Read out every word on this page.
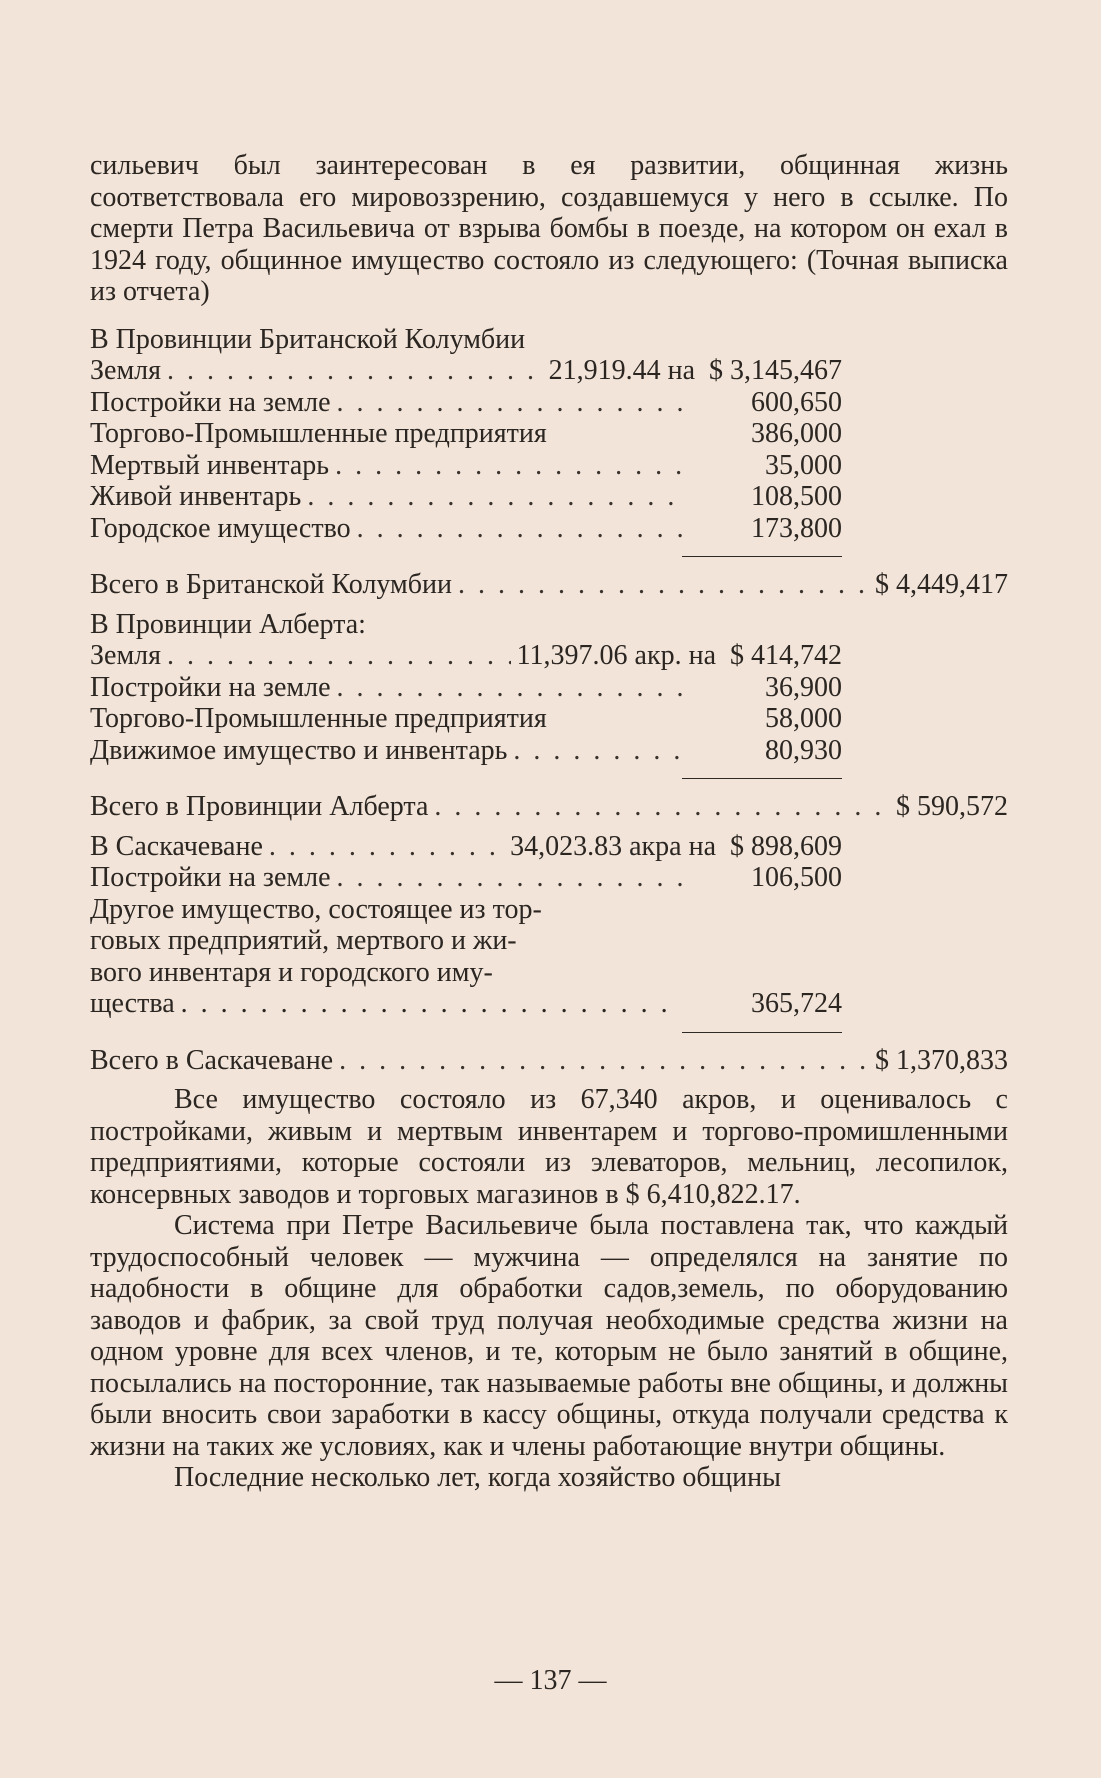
сильевич был заинтересован в ея развитии, общинная жизнь соответствовала его мировоззрению, создавшемуся у него в ссылке. По смерти Петра Васильевича от взрыва бомбы в поезде, на котором он ехал в 1924 году, общинное имущество состояло из следующего: (Точная выписка из отчета)

В Провинции Британской Колумбии

Земля . . .	21,919.44 на $ 3,145,467
Постройки на земле . . .	600,650
Торгово-Промышленные предприятия	386,000
Мертвый инвентарь . . .	35,000
Живой инвентарь . . .	108,500
Городское имущество . . .	173,800
Всего в Британской Колумбии . . .	$ 4,449,417

В Провинции Алберта:

Земля . . .	11,397.06 акр. на $ 414,742
Постройки на земле . . .	36,900
Торгово-Промышленные предприятия	58,000
Движимое имущество и инвентарь . . .	80,930
Всего в Провинции Алберта . . .	$ 590,572
В Саскачеване . . .	34,023.83 акра на $ 898,609
Постройки на земле . . .	106,500
Другое имущество, состоящее из тор-
говых предприятий, мертвого и жи-
вого инвентаря и городского иму-
щества . . .	365,724
Всего в Саскачеване . . .	$ 1,370,833

Все имущество состояло из 67,340 акров, и оценивалось с постройками, живым и мертвым инвентарем и торгово-промишленными предприятиями, которые состояли из элеваторов, мельниц, лесопилок, консервных заводов и торговых магазинов в $ 6,410,822.17.

Система при Петре Васильевиче была поставлена так, что каждый трудоспособный человек — мужчина — определялся на занятие по надобности в общине для обработки садов,земель, по оборудованию заводов и фабрик, за свой труд получая необходимые средства жизни на одном уровне для всех членов, и те, которым не было занятий в общине, посылались на посторонние, так называемые работы вне общины, и должны были вносить свои заработки в кассу общины, откуда получали средства к жизни на таких же условиях, как и члены работающие внутри общины.

Последние несколько лет, когда хозяйство общины

— 137 —
